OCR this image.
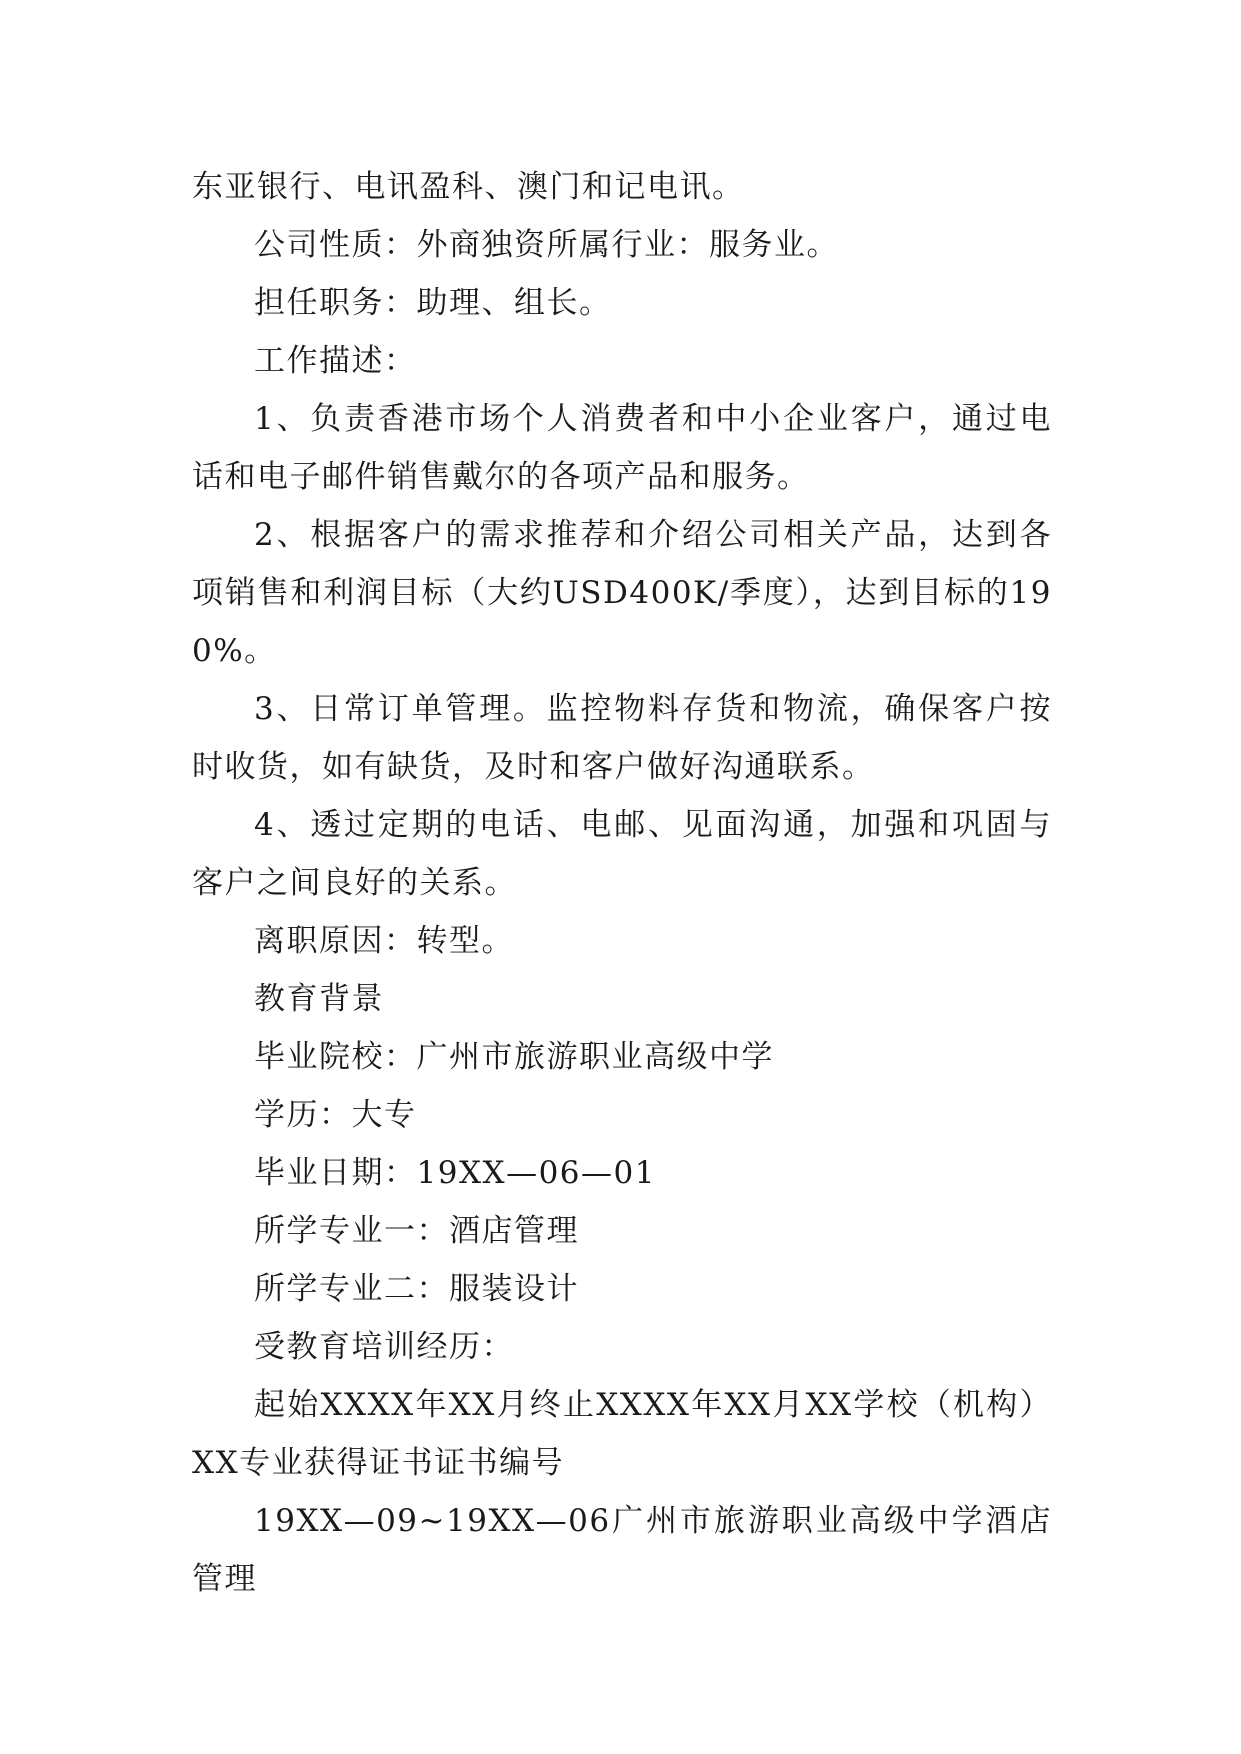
东亚银行、电讯盈科、澳门和记电讯。

公司性质：外商独资所属行业：服务业。

担任职务：助理、组长。

工作描述：

1、负责香港市场个人消费者和中小企业客户，通过电话和电子邮件销售戴尔的各项产品和服务。

2、根据客户的需求推荐和介绍公司相关产品，达到各项销售和利润目标（大约USD400K/季度），达到目标的190%。

3、日常订单管理。监控物料存货和物流，确保客户按时收货，如有缺货，及时和客户做好沟通联系。

4、透过定期的电话、电邮、见面沟通，加强和巩固与客户之间良好的关系。

离职原因：转型。

教育背景

毕业院校：广州市旅游职业高级中学

学历：大专

毕业日期：19XX—06—01

所学专业一：酒店管理

所学专业二：服装设计

受教育培训经历：

起始XXXX年XX月终止XXXX年XX月XX学校（机构）XX专业获得证书证书编号

19XX—09~19XX—06广州市旅游职业高级中学酒店管理
